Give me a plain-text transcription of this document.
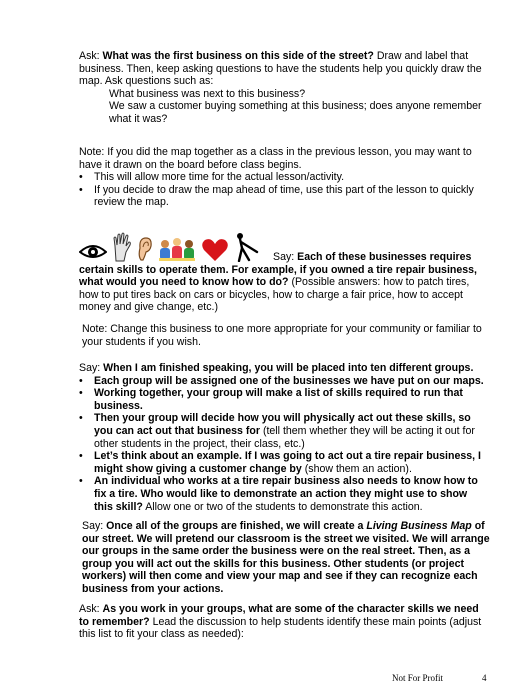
Ask: What was the first business on this side of the street? Draw and label that business. Then, keep asking questions to have the students help you quickly draw the map. Ask questions such as:

What business was next to this business?

We saw a customer buying something at this business; does anyone remember what it was?

Note: If you did the map together as a class in the previous lesson, you may want to have it drawn on the board before class begins.

• This will allow more time for the actual lesson/activity.
• If you decide to draw the map ahead of time, use this part of the lesson to quickly review the map.

Say: Each of these businesses requires certain skills to operate them. For example, if you owned a tire repair business, what would you need to know how to do? (Possible answers: how to patch tires, how to put tires back on cars or bicycles, how to charge a fair price, how to accept money and give change, etc.)

Note: Change this business to one more appropriate for your community or familiar to your students if you wish.

Say: When I am finished speaking, you will be placed into ten different groups.

• Each group will be assigned one of the businesses we have put on our maps.
• Working together, your group will make a list of skills required to run that business.
• Then your group will decide how you will physically act out these skills, so you can act out that business for (tell them whether they will be acting it out for other students in the project, their class, etc.)
• Let’s think about an example. If I was going to act out a tire repair business, I might show giving a customer change by (show them an action).
• An individual who works at a tire repair business also needs to know how to fix a tire. Who would like to demonstrate an action they might use to show this skill? Allow one or two of the students to demonstrate this action.

Say: Once all of the groups are finished, we will create a Living Business Map of our street. We will pretend our classroom is the street we visited. We will arrange our groups in the same order the business were on the real street. Then, as a group you will act out the skills for this business. Other students (or project workers) will then come and view your map and see if they can recognize each business from your actions.

Ask: As you work in your groups, what are some of the character skills we need to remember? Lead the discussion to help students identify these main points (adjust this list to fit your class as needed):

Not For Profit	4
